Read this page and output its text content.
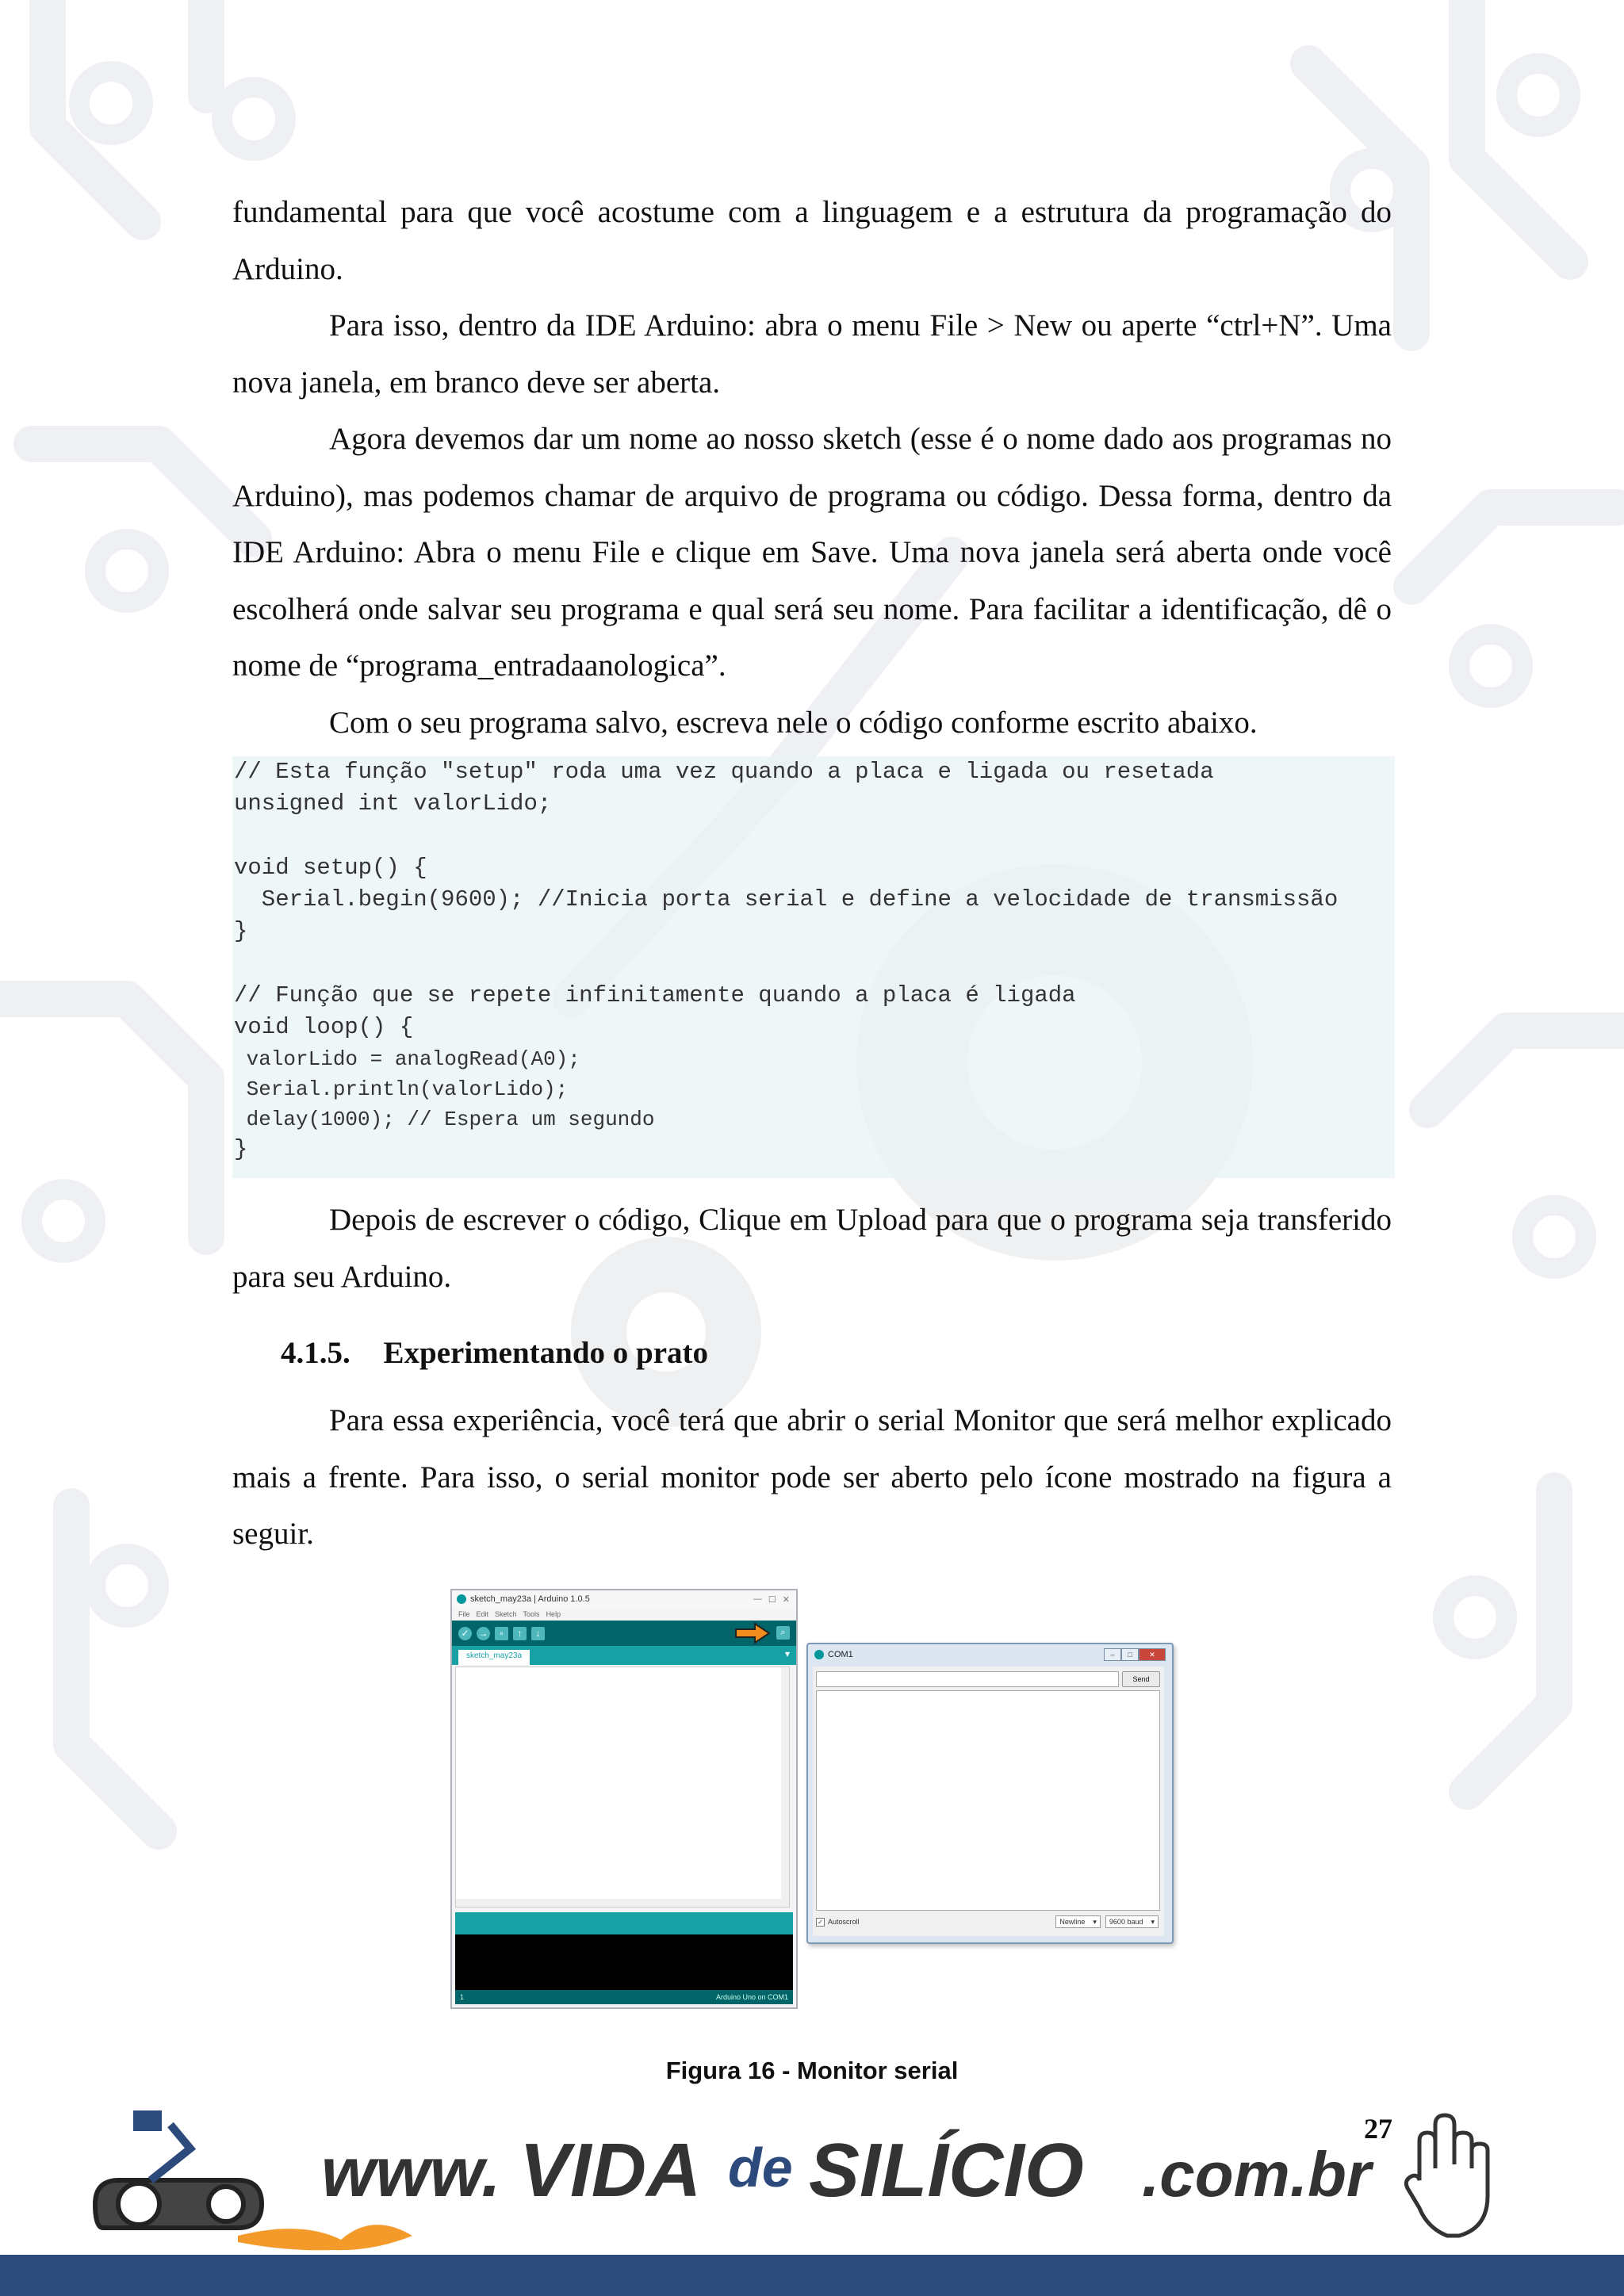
fundamental para que você acostume com a linguagem e a estrutura da programação do Arduino.

Para isso, dentro da IDE Arduino: abra o menu File > New ou aperte “ctrl+N”. Uma nova janela, em branco deve ser aberta.

Agora devemos dar um nome ao nosso sketch (esse é o nome dado aos programas no Arduino), mas podemos chamar de arquivo de programa ou código. Dessa forma, dentro da IDE Arduino: Abra o menu File e clique em Save. Uma nova janela será aberta onde você escolherá onde salvar seu programa e qual será seu nome. Para facilitar a identificação, dê o nome de “programa_entradaanologica”.

Com o seu programa salvo, escreva nele o código conforme escrito abaixo.

// Esta função "setup" roda uma vez quando a placa e ligada ou resetada
unsigned int valorLido;
void setup() {
Serial.begin(9600); //Inicia porta serial e define a velocidade de transmissão
}
// Função que se repete infinitamente quando a placa é ligada
void loop() {
valorLido = analogRead(A0);
Serial.println(valorLido);
delay(1000); // Espera um segundo
}

Depois de escrever o código, Clique em Upload para que o programa seja transferido para seu Arduino.

4.1.5. Experimentando o prato

Para essa experiência, você terá que abrir o serial Monitor que será melhor explicado mais a frente. Para isso, o serial monitor pode ser aberto pelo ícone mostrado na figura a seguir.

sketch_may23a | Arduino 1.0.5	— ☐ ✕
File Edit Sketch Tools Help
✓ →	▫	↑	↓	⌕
sketch_may23a	▾
1	Arduino Uno on COM1
COM1	–	□	✕
Send
✓ Autoscroll	Newline ▾ 9600 baud ▾
Figura 16 - Monitor serial
27
www. VIDA de SILÍCIO .com.br
